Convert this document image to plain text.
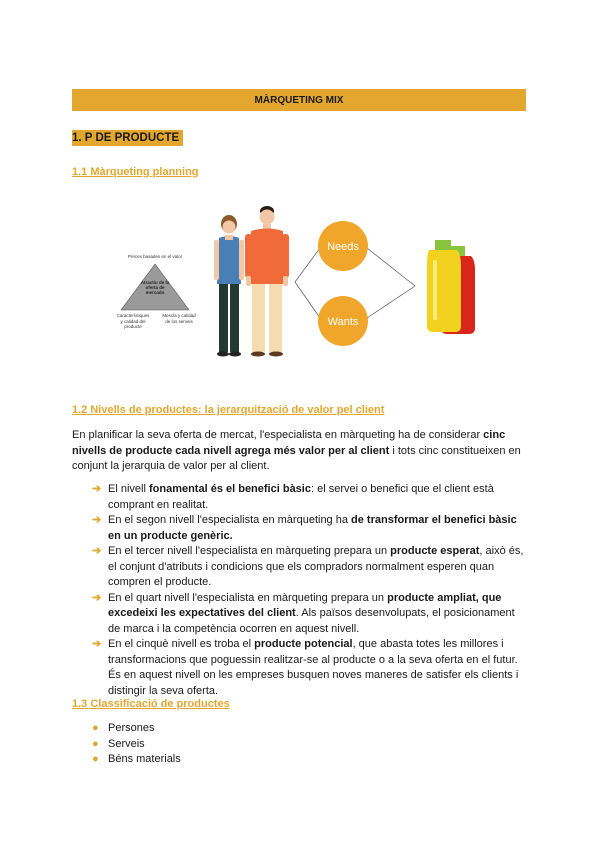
MÀRQUETING MIX
1. P DE PRODUCTE
1.1 Màrqueting planning
Preces basades en el valor
Atractiu de la oferta de mercado
Característiques y calidad del producte
Mescla y calidad de los serveis
Needs
Wants
1.2 Nivells de productes: la jerarquització de valor pel client
En planificar la seva oferta de mercat, l'especialista en màrqueting ha de considerar cinc nivells de producte cada nivell agrega més valor per al client i tots cinc constitueixen en conjunt la jerarquia de valor per al client.
➔ El nivell fonamental és el benefici bàsic: el servei o benefici que el client està comprant en realitat.
➔ En el segon nivell l'especialista en màrqueting ha de transformar el benefici bàsic en un producte genèric.
➔ En el tercer nivell l'especialista en màrqueting prepara un producte esperat, això és, el conjunt d'atributs i condicions que els compradors normalment esperen quan compren el producte.
➔ En el quart nivell l'especialista en màrqueting prepara un producte ampliat, que excedeixi les expectatives del client. Als països desenvolupats, el posicionament de marca i la competència ocorren en aquest nivell.
➔ En el cinquè nivell es troba el producte potencial, que abasta totes les millores i transformacions que poguessin realitzar-se al producte o a la seva oferta en el futur. És en aquest nivell on les empreses busquen noves maneres de satisfer els clients i distingir la seva oferta.
1.3 Classificació de productes
● Persones
● Serveis
● Béns materials
